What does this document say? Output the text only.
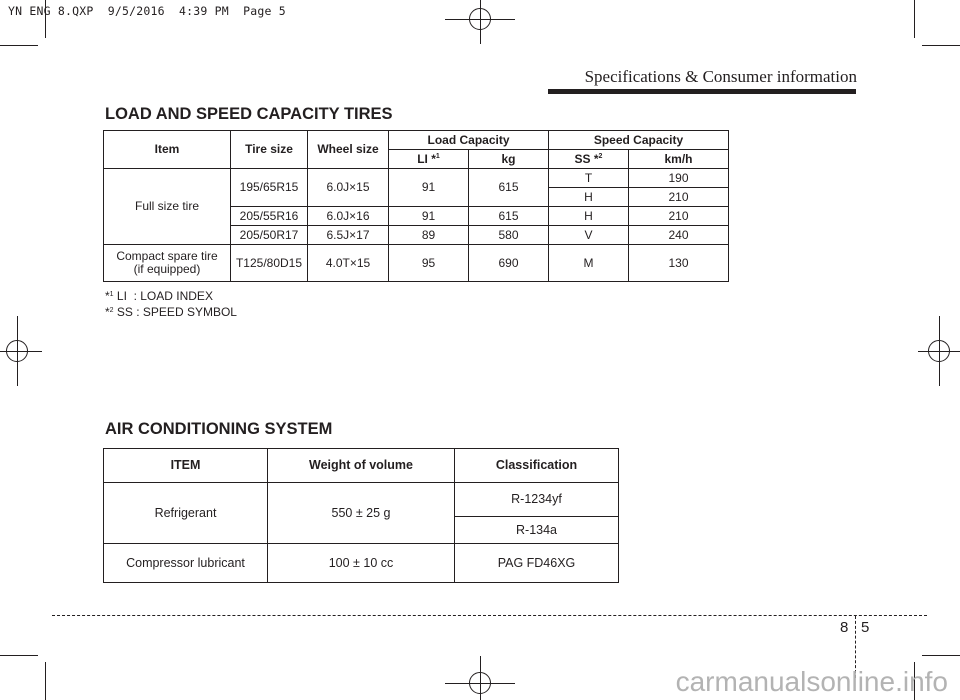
YN ENG 8.QXP  9/5/2016  4:39 PM  Page 5
Specifications & Consumer information
LOAD AND SPEED CAPACITY TIRES
Item	Tire size	Wheel size	Load Capacity		Speed Capacity	
			LI *$^1$	kg	SS *$^2$	km/h
Full size tire	195/65R15	6.0J×15	91	615	T	190
					H	210
	205/55R16	6.0J×16	91	615	H	210
	205/50R17	6.5J×17	89	580	V	240
Compact spare tire
(if equipped)	T125/80D15	4.0T×15	95	690	M	130
*$^1$ LI  : LOAD INDEX
*$^2$ SS : SPEED SYMBOL
AIR CONDITIONING SYSTEM
ITEM	Weight of volume	Classification
Refrigerant	550 ± 25 g	R-1234yf
		R-134a
Compressor lubricant	100 ± 10 cc	PAG FD46XG
8 5
carmanualsonline.info
